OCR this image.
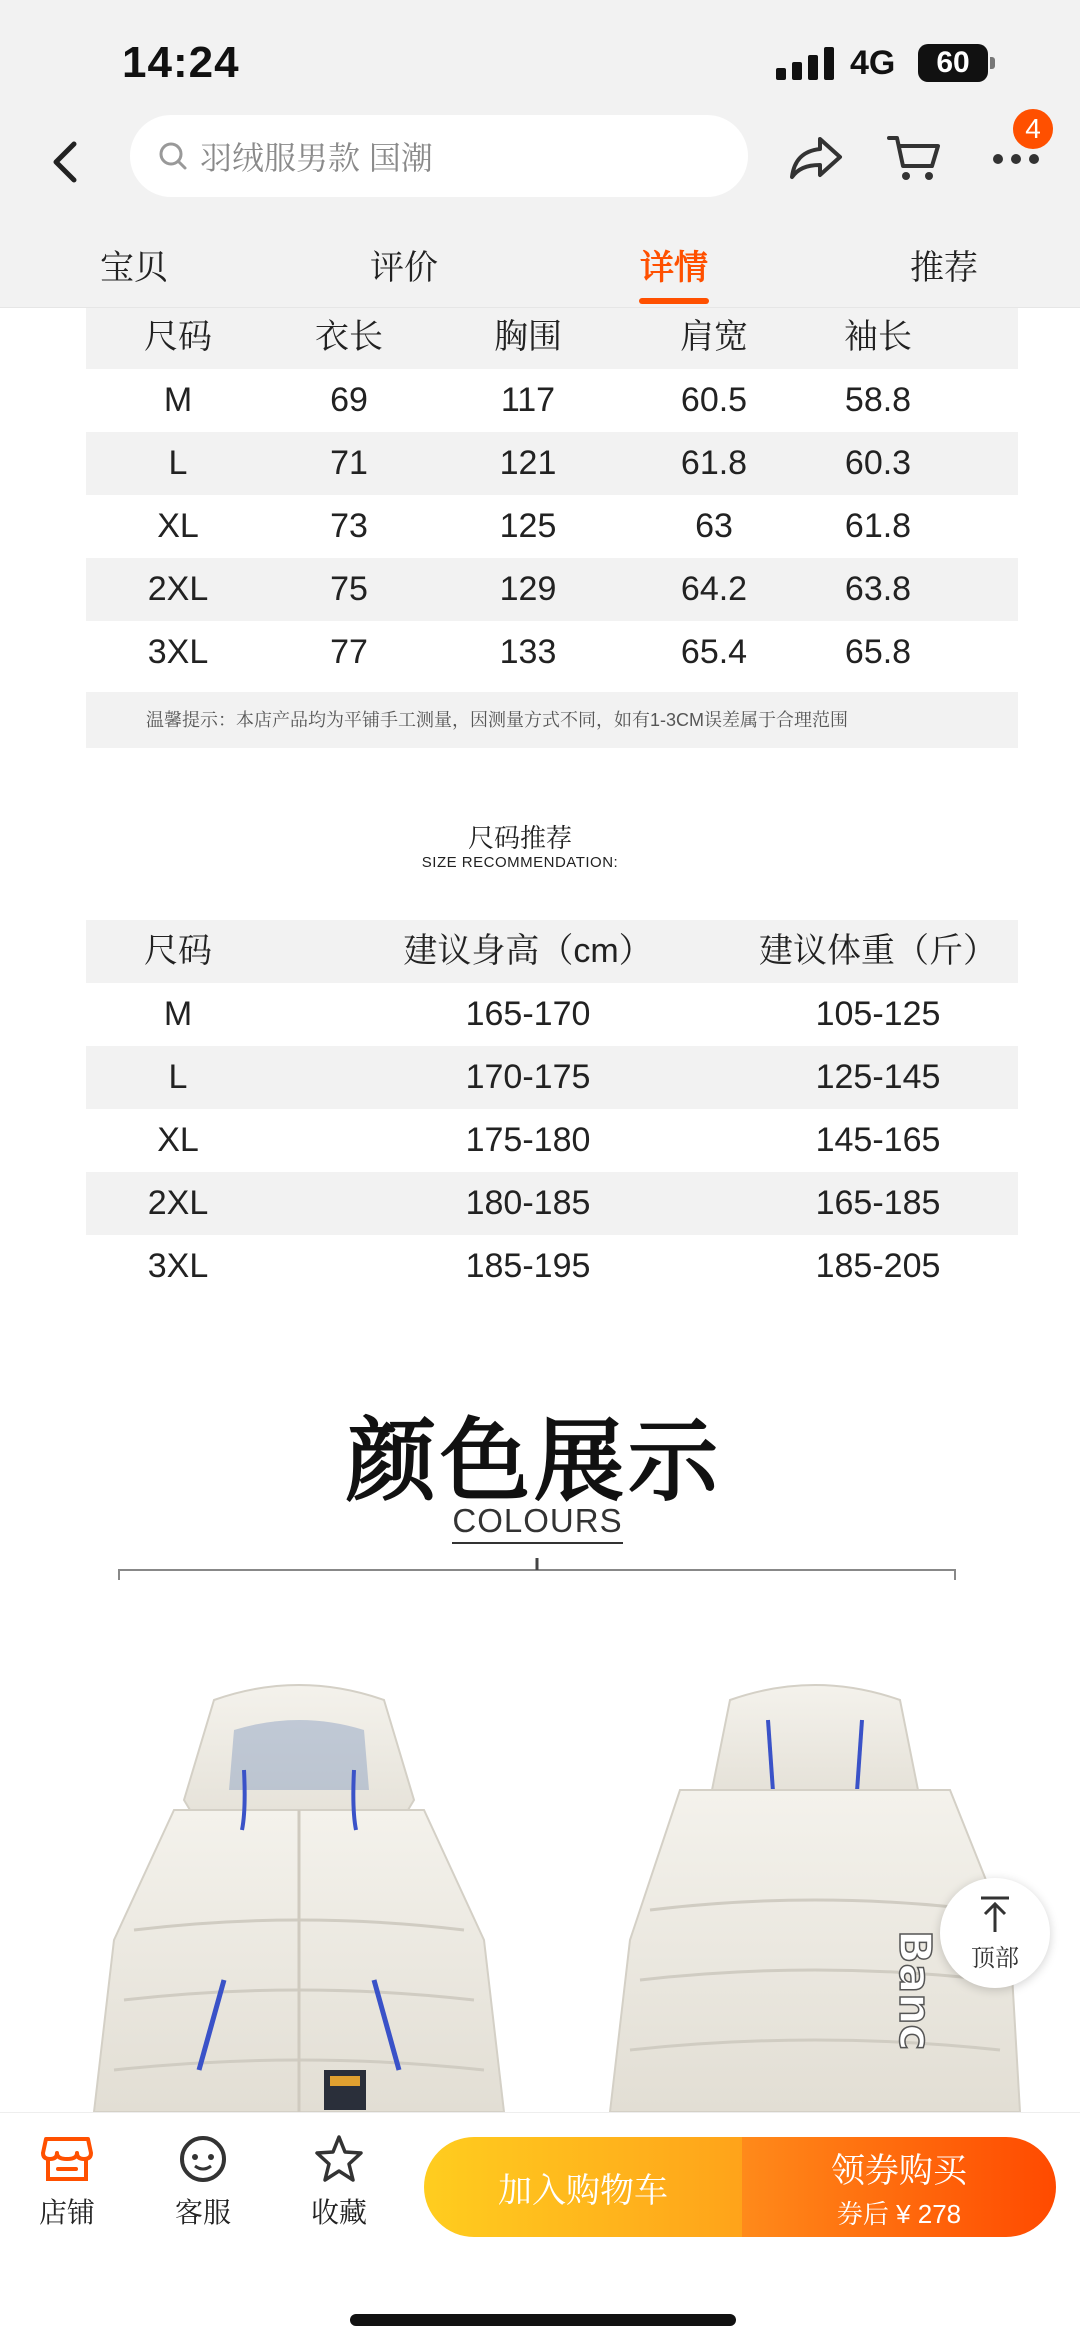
14:24	4G	60
羽绒服男款 国潮
4
宝贝	评价	详情	推荐
尺码	衣长	胸围	肩宽	袖长
M	69	117	60.5	58.8
L	71	121	61.8	60.3
XL	73	125	63	61.8
2XL	75	129	64.2	63.8
3XL	77	133	65.4	65.8
温馨提示：本店产品均为平铺手工测量，因测量方式不同，如有1-3CM误差属于合理范围
尺码推荐
SIZE RECOMMENDATION:
尺码	建议身高（cm）	建议体重（斤）
M	165-170	105-125
L	170-175	125-145
XL	175-180	145-165
2XL	180-185	165-185
3XL	185-195	185-205
颜色展示
COLOURS
Banc 顶部
店铺	客服	收藏
加入购物车
领券购买
券后 ¥ 278
